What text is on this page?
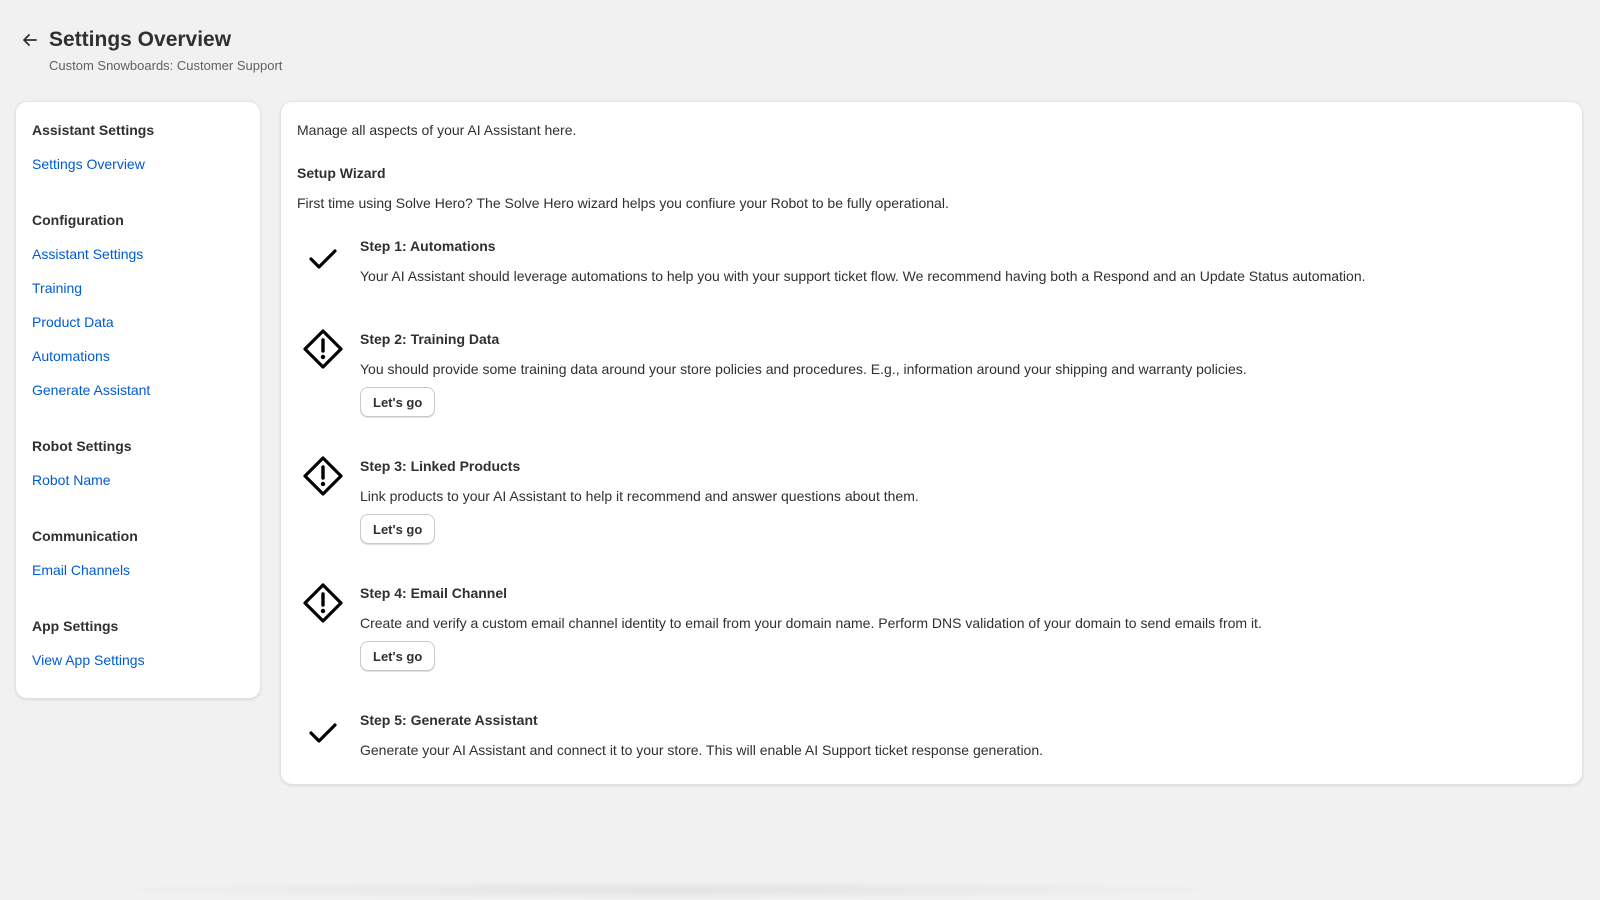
Settings Overview
Custom Snowboards: Customer Support
Assistant Settings
Settings Overview
Configuration
Assistant Settings
Training
Product Data
Automations
Generate Assistant
Robot Settings
Robot Name
Communication
Email Channels
App Settings
View App Settings
Manage all aspects of your AI Assistant here.
Setup Wizard
First time using Solve Hero? The Solve Hero wizard helps you confiure your Robot to be fully operational.
Step 1: Automations
Your AI Assistant should leverage automations to help you with your support ticket flow. We recommend having both a Respond and an Update Status automation.
Step 2: Training Data
You should provide some training data around your store policies and procedures. E.g., information around your shipping and warranty policies.
Let's go
Step 3: Linked Products
Link products to your AI Assistant to help it recommend and answer questions about them.
Let's go
Step 4: Email Channel
Create and verify a custom email channel identity to email from your domain name. Perform DNS validation of your domain to send emails from it.
Let's go
Step 5: Generate Assistant
Generate your AI Assistant and connect it to your store. This will enable AI Support ticket response generation.
